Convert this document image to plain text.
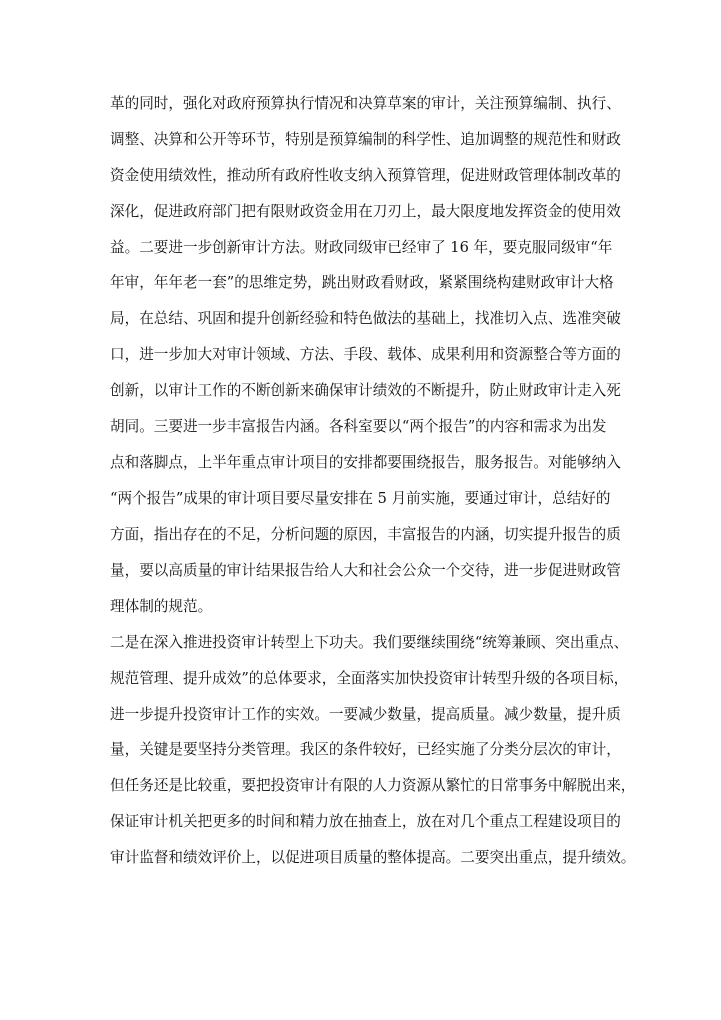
革的同时，强化对政府预算执行情况和决算草案的审计，关注预算编制、执行、
调整、决算和公开等环节，特别是预算编制的科学性、追加调整的规范性和财政
资金使用绩效性，推动所有政府性收支纳入预算管理，促进财政管理体制改革的
深化，促进政府部门把有限财政资金用在刀刃上，最大限度地发挥资金的使用效
益。二要进一步创新审计方法。财政同级审已经审了 16 年，要克服同级审“年
年审，年年老一套”的思维定势，跳出财政看财政，紧紧围绕构建财政审计大格
局，在总结、巩固和提升创新经验和特色做法的基础上，找准切入点、选准突破
口，进一步加大对审计领域、方法、手段、载体、成果利用和资源整合等方面的
创新，以审计工作的不断创新来确保审计绩效的不断提升，防止财政审计走入死
胡同。三要进一步丰富报告内涵。各科室要以“两个报告”的内容和需求为出发
点和落脚点，上半年重点审计项目的安排都要围绕报告，服务报告。对能够纳入
“两个报告”成果的审计项目要尽量安排在 5 月前实施，要通过审计，总结好的
方面，指出存在的不足，分析问题的原因，丰富报告的内涵，切实提升报告的质
量，要以高质量的审计结果报告给人大和社会公众一个交待，进一步促进财政管
理体制的规范。
二是在深入推进投资审计转型上下功夫。我们要继续围绕“统筹兼顾、突出重点、
规范管理、提升成效”的总体要求，全面落实加快投资审计转型升级的各项目标，
进一步提升投资审计工作的实效。一要减少数量，提高质量。减少数量，提升质
量，关键是要坚持分类管理。我区的条件较好，已经实施了分类分层次的审计，
但任务还是比较重，要把投资审计有限的人力资源从繁忙的日常事务中解脱出来，
保证审计机关把更多的时间和精力放在抽查上，放在对几个重点工程建设项目的
审计监督和绩效评价上，以促进项目质量的整体提高。二要突出重点，提升绩效。
